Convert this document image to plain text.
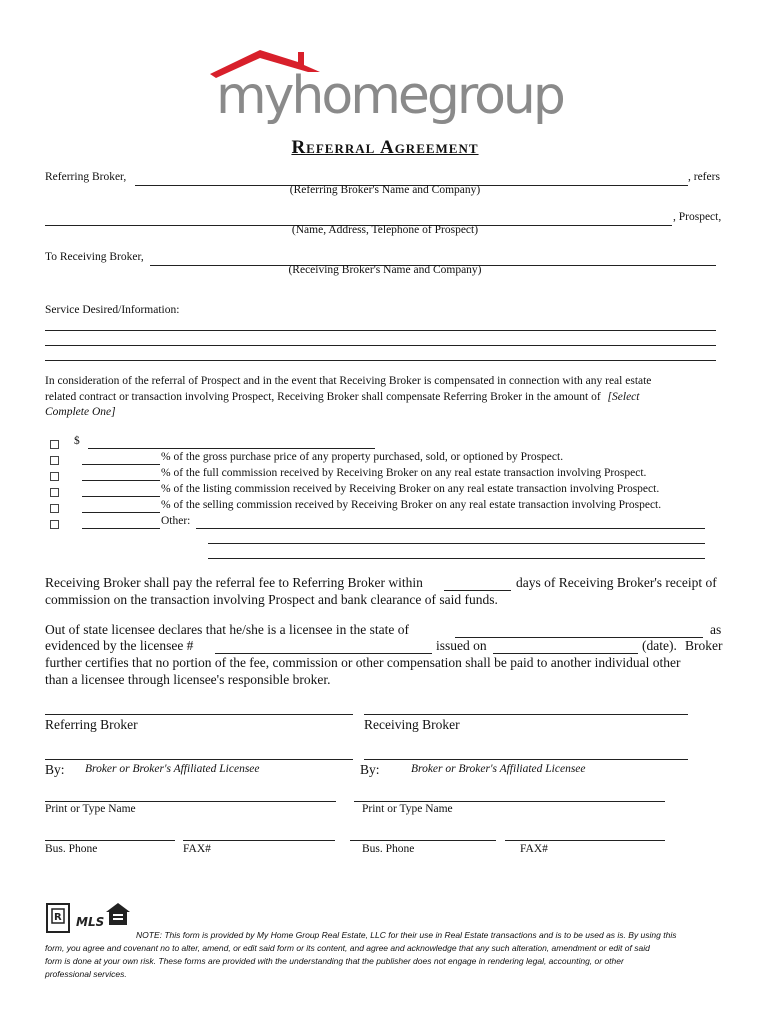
myhomegroup
Referral Agreement
Referring Broker,	, refers
(Referring Broker's Name and Company)
, Prospect,
(Name, Address, Telephone of Prospect)
To Receiving Broker,
(Receiving Broker's Name and Company)
Service Desired/Information:
In consideration of the referral of Prospect and in the event that Receiving Broker is compensated in connection with any real estate
related contract or transaction involving Prospect, Receiving Broker shall compensate Referring Broker in the amount of [Select
Complete One]
$
% of the gross purchase price of any property purchased, sold, or optioned by Prospect.
% of the full commission received by Receiving Broker on any real estate transaction involving Prospect.
% of the listing commission received by Receiving Broker on any real estate transaction involving Prospect.
% of the selling commission received by Receiving Broker on any real estate transaction involving Prospect.
Other:
Receiving Broker shall pay the referral fee to Referring Broker within	days of Receiving Broker's receipt of
commission on the transaction involving Prospect and bank clearance of said funds.
Out of state licensee declares that he/she is a licensee in the state of	as
evidenced by the licensee #	issued on	(date). Broker
further certifies that no portion of the fee, commission or other compensation shall be paid to another individual other
than a licensee through licensee's responsible broker.
Referring Broker	Receiving Broker
By: Broker or Broker's Affiliated Licensee	By:	Broker or Broker's Affiliated Licensee
Print or Type Name	Print or Type Name
Bus. Phone	FAX#	Bus. Phone	FAX#
R MLS
NOTE: This form is provided by My Home Group Real Estate, LLC for their use in Real Estate transactions and is to be used as is. By using this
form, you agree and covenant no to alter, amend, or edit said form or its content, and agree and acknowledge that any such alteration, amendment or edit of said
form is done at your own risk. These forms are provided with the understanding that the publisher does not engage in rendering legal, accounting, or other
professional services.
